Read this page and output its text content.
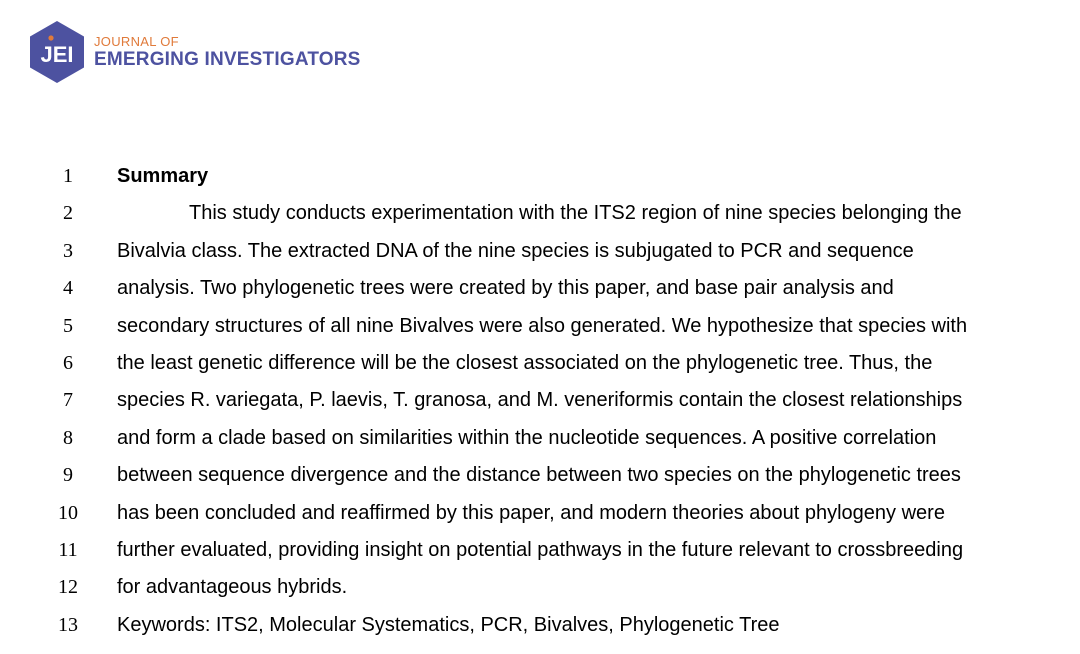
JEI
JOURNAL OF
EMERGING INVESTIGATORS
1	Summary
2	This study conducts experimentation with the ITS2 region of nine species belonging the
3	Bivalvia class. The extracted DNA of the nine species is subjugated to PCR and sequence
4	analysis. Two phylogenetic trees were created by this paper, and base pair analysis and
5	secondary structures of all nine Bivalves were also generated. We hypothesize that species with
6	the least genetic difference will be the closest associated on the phylogenetic tree. Thus, the
7	species R. variegata, P. laevis, T. granosa, and M. veneriformis contain the closest relationships
8	and form a clade based on similarities within the nucleotide sequences. A positive correlation
9	between sequence divergence and the distance between two species on the phylogenetic trees
10	has been concluded and reaffirmed by this paper, and modern theories about phylogeny were
11	further evaluated, providing insight on potential pathways in the future relevant to crossbreeding
12	for advantageous hybrids.
13	Keywords: ITS2, Molecular Systematics, PCR, Bivalves, Phylogenetic Tree
